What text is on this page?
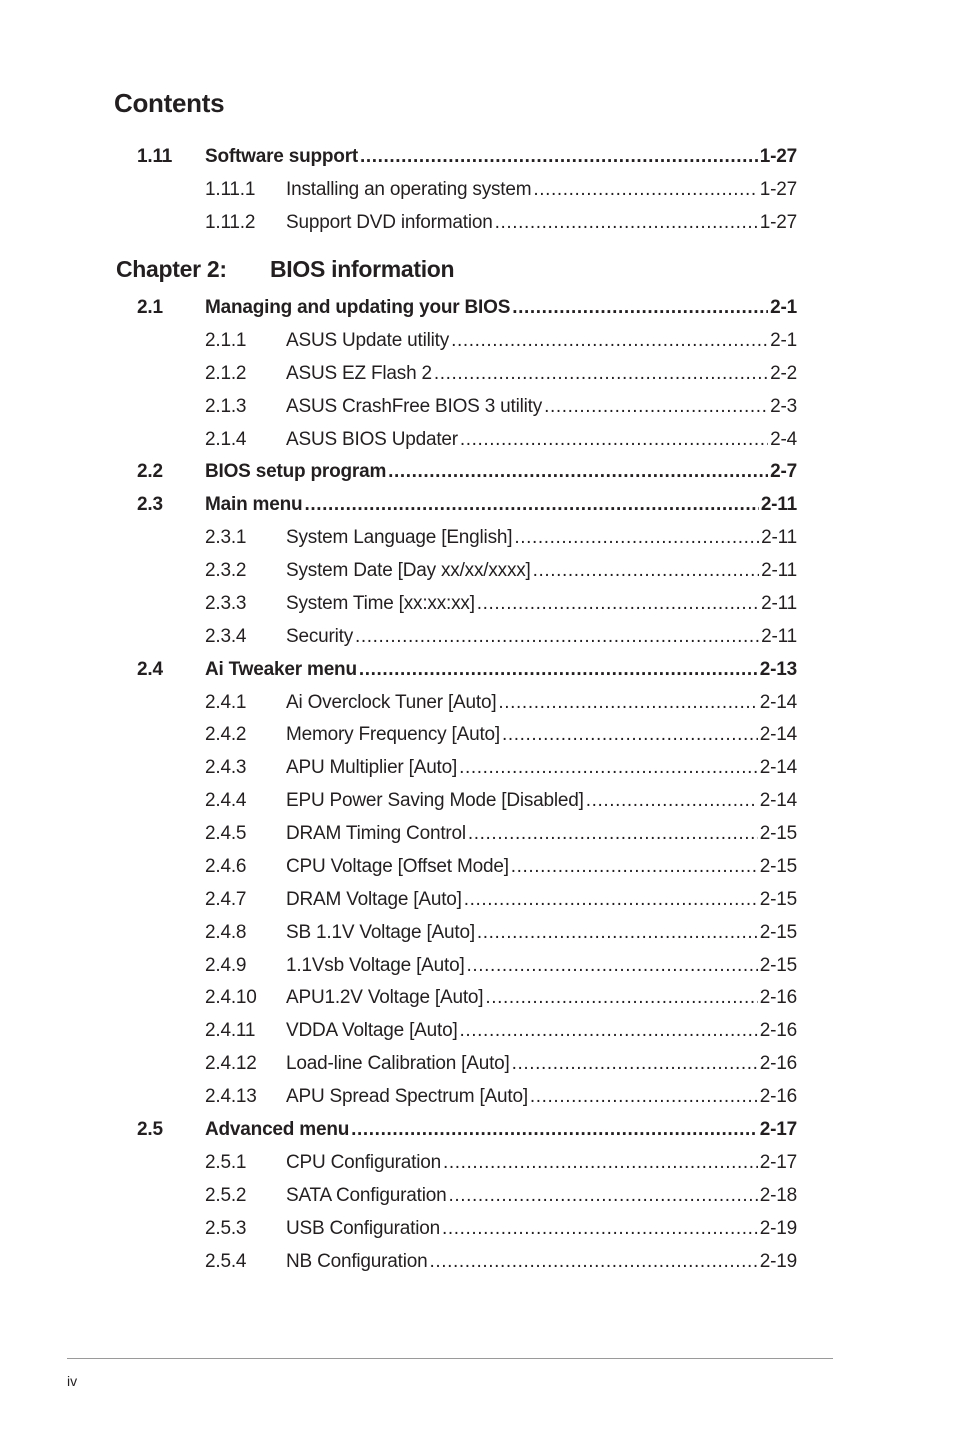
Contents
1.11 Software support .....	1-27
1.11.1 Installing an operating system .....	1-27
1.11.2 Support DVD information .....	1-27
Chapter 2: BIOS information
2.1 Managing and updating your BIOS .....	2-1
2.1.1 ASUS Update utility .....	2-1
2.1.2 ASUS EZ Flash 2 .....	2-2
2.1.3 ASUS CrashFree BIOS 3 utility .....	2-3
2.1.4 ASUS BIOS Updater .....	2-4
2.2 BIOS setup program .....	2-7
2.3 Main menu .....	2-11
2.3.1 System Language [English] .....	2-11
2.3.2 System Date [Day xx/xx/xxxx] .....	2-11
2.3.3 System Time [xx:xx:xx] .....	2-11
2.3.4 Security .....	2-11
2.4 Ai Tweaker menu .....	2-13
2.4.1 Ai Overclock Tuner [Auto] .....	2-14
2.4.2 Memory Frequency [Auto] .....	2-14
2.4.3 APU Multiplier [Auto] .....	2-14
2.4.4 EPU Power Saving Mode [Disabled] .....	2-14
2.4.5 DRAM Timing Control .....	2-15
2.4.6 CPU Voltage [Offset Mode] .....	2-15
2.4.7 DRAM Voltage [Auto] .....	2-15
2.4.8 SB 1.1V Voltage [Auto] .....	2-15
2.4.9 1.1Vsb Voltage [Auto] .....	2-15
2.4.10 APU1.2V Voltage [Auto] .....	2-16
2.4.11 VDDA Voltage [Auto] .....	2-16
2.4.12 Load-line Calibration [Auto] .....	2-16
2.4.13 APU Spread Spectrum [Auto] .....	2-16
2.5 Advanced menu .....	2-17
2.5.1 CPU Configuration .....	2-17
2.5.2 SATA Configuration .....	2-18
2.5.3 USB Configuration .....	2-19
2.5.4 NB Configuration .....	2-19
iv
